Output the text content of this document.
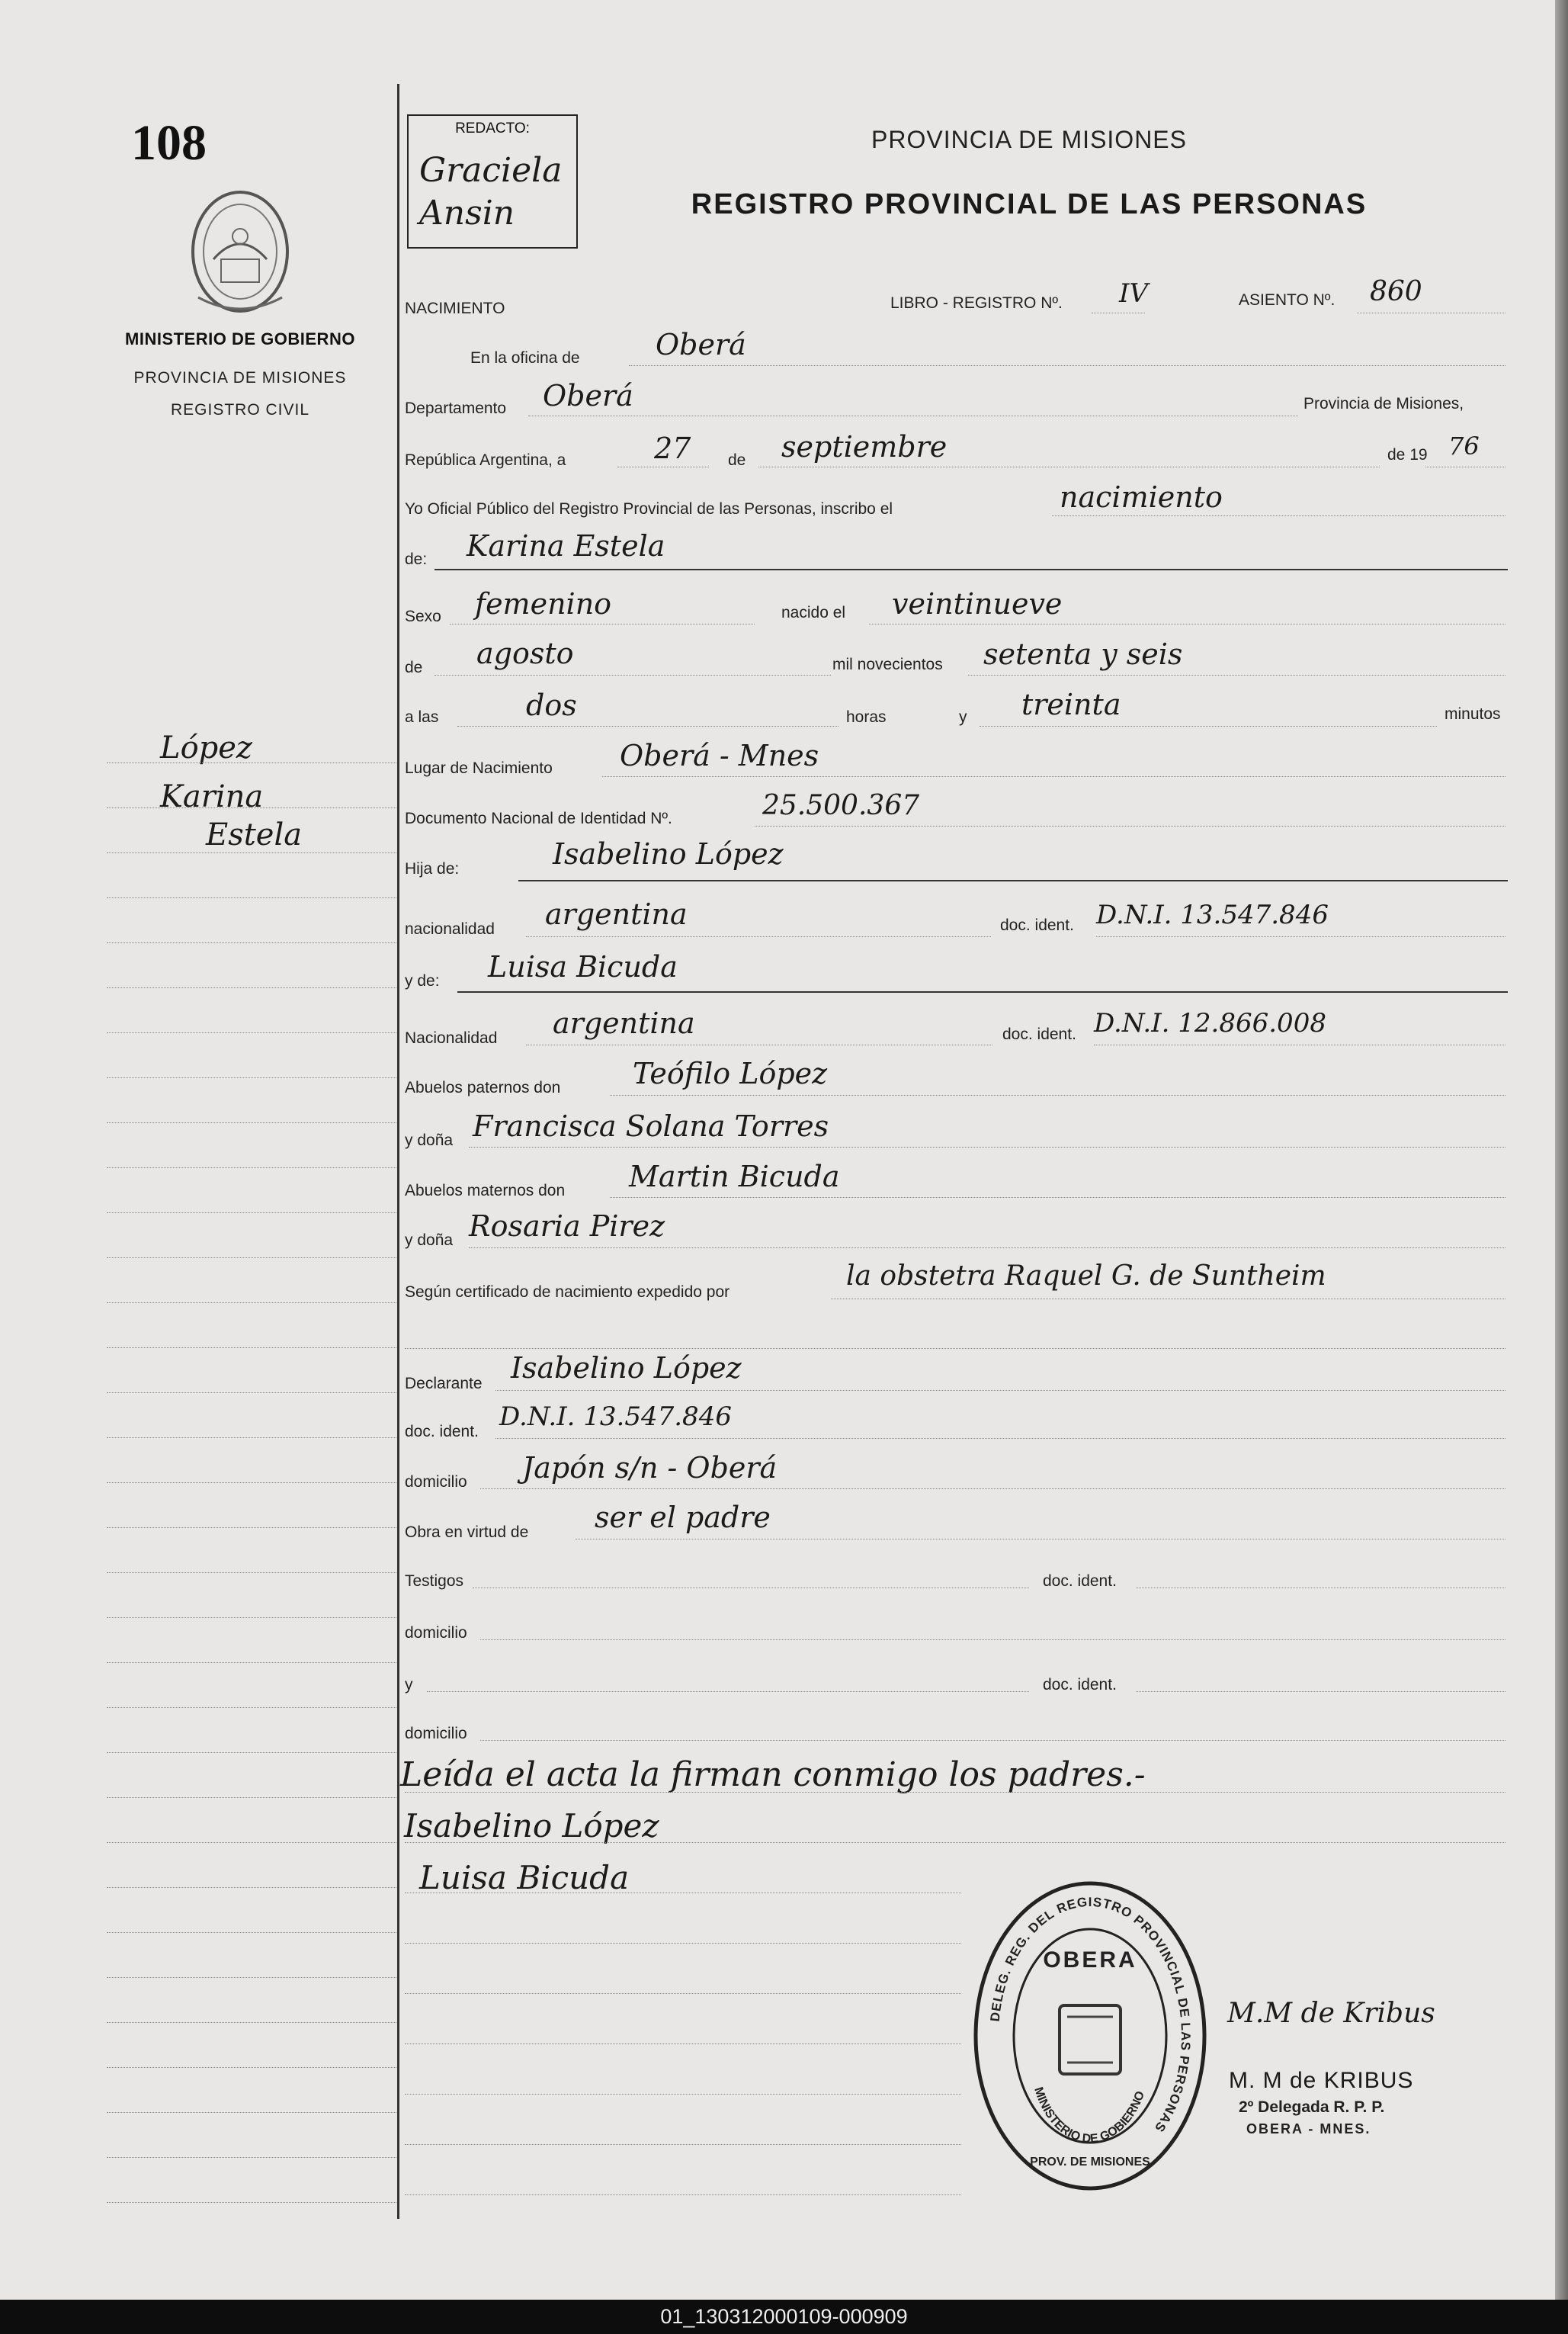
108
MINISTERIO DE GOBIERNO
PROVINCIA DE MISIONES
REGISTRO CIVIL
REDACTO:
Graciela
Ansin
PROVINCIA DE MISIONES
REGISTRO PROVINCIAL DE LAS PERSONAS
López
Karina
Estela
NACIMIENTO	LIBRO - REGISTRO Nº. IV	ASIENTO Nº. 860
En la oficina de	Oberá
Departamento Oberá	Provincia de Misiones,
República Argentina, a	27 de septiembre	de 19 76
Yo Oficial Público del Registro Provincial de las Personas, inscribo el	nacimiento
de: Karina Estela
Sexo femenino	nacido el veintinueve
de agosto	mil novecientos setenta y seis
a las	dos	horas	y treinta	minutos
Lugar de Nacimiento Oberá - Mnes
Documento Nacional de Identidad Nº.	25.500.367
Hija de:	Isabelino López
nacionalidad argentina	doc. ident. D.N.I. 13.547.846
y de: Luisa Bicuda
Nacionalidad argentina	doc. ident. D.N.I. 12.866.008
Abuelos paternos don Teófilo López
y doña Francisca Solana Torres
Abuelos maternos don Martin Bicuda
y doña Rosaria Pirez
Según certificado de nacimiento expedido por
la obstetra Raquel G. de Suntheim
Declarante Isabelino López
doc. ident. D.N.I. 13.547.846
domicilio Japón s/n - Oberá
Obra en virtud de ser el padre
Testigos	doc. ident.
domicilio
y	doc. ident.
domicilio
Leída el acta la firman conmigo los padres.-
Isabelino López
Luisa Bicuda
DELEG. REG. DEL REGISTRO PROVINCIAL DE LAS PERSONAS
OBERA
MINISTERIO DE GOBIERNO
PROV. DE MISIONES
M.M de Kribus
M. M de KRIBUS
2º Delegada R. P. P.
OBERA - MNES.
01_130312000109-000909
